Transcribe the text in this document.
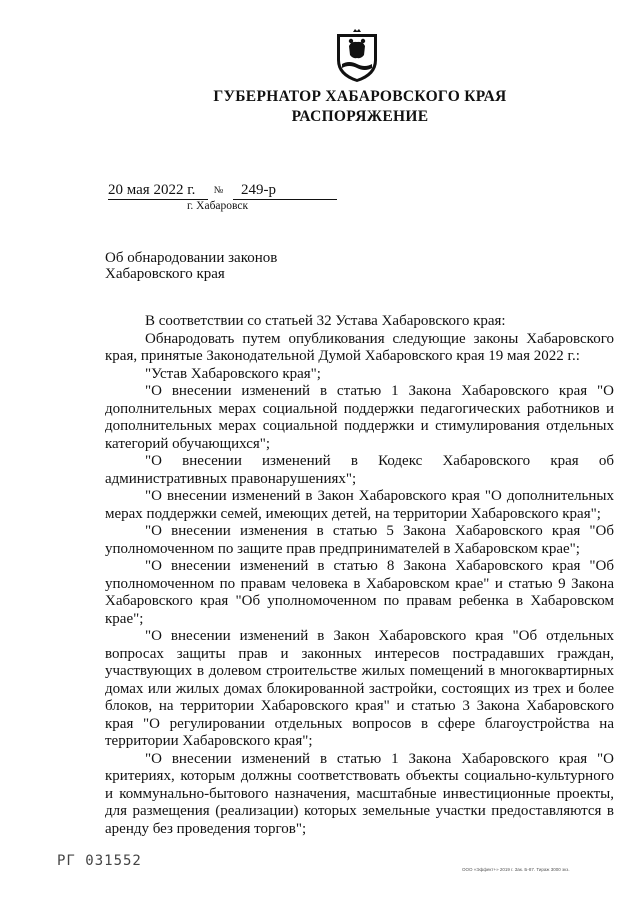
ГУБЕРНАТОР ХАБАРОВСКОГО КРАЯ
РАСПОРЯЖЕНИЕ
20 мая 2022 г. № 249-р
г. Хабаровск
Об обнародовании законов
Хабаровского края

В соответствии со статьей 32 Устава Хабаровского края:

Обнародовать путем опубликования следующие законы Хабаровского края, принятые Законодательной Думой Хабаровского края 19 мая 2022 г.:

"Устав Хабаровского края";

"О внесении изменений в статью 1 Закона Хабаровского края "О дополнительных мерах социальной поддержки педагогических работников и дополнительных мерах социальной поддержки и стимулирования отдельных категорий обучающихся";

"О внесении изменений в Кодекс Хабаровского края об административных правонарушениях";

"О внесении изменений в Закон Хабаровского края "О дополнительных мерах поддержки семей, имеющих детей, на территории Хабаровского края";

"О внесении изменения в статью 5 Закона Хабаровского края "Об уполномоченном по защите прав предпринимателей в Хабаровском крае";

"О внесении изменений в статью 8 Закона Хабаровского края "Об уполномоченном по правам человека в Хабаровском крае" и статью 9 Закона Хабаровского края "Об уполномоченном по правам ребенка в Хабаровском крае";

"О внесении изменений в Закон Хабаровского края "Об отдельных вопросах защиты прав и законных интересов пострадавших граждан, участвующих в долевом строительстве жилых помещений в многоквартирных домах или жилых домах блокированной застройки, состоящих из трех и более блоков, на территории Хабаровского края" и статью 3 Закона Хабаровского края "О регулировании отдельных вопросов в сфере благоустройства на территории Хабаровского края";

"О внесении изменений в статью 1 Закона Хабаровского края "О критериях, которым должны соответствовать объекты социально-культурного и коммунально-бытового назначения, масштабные инвестиционные проекты, для размещения (реализации) которых земельные участки предоставляются в аренду без проведения торгов";

РГ 031552
ООО «Эффект+» 2019 г. Зак. Б-87. Тираж 3000 экз.
